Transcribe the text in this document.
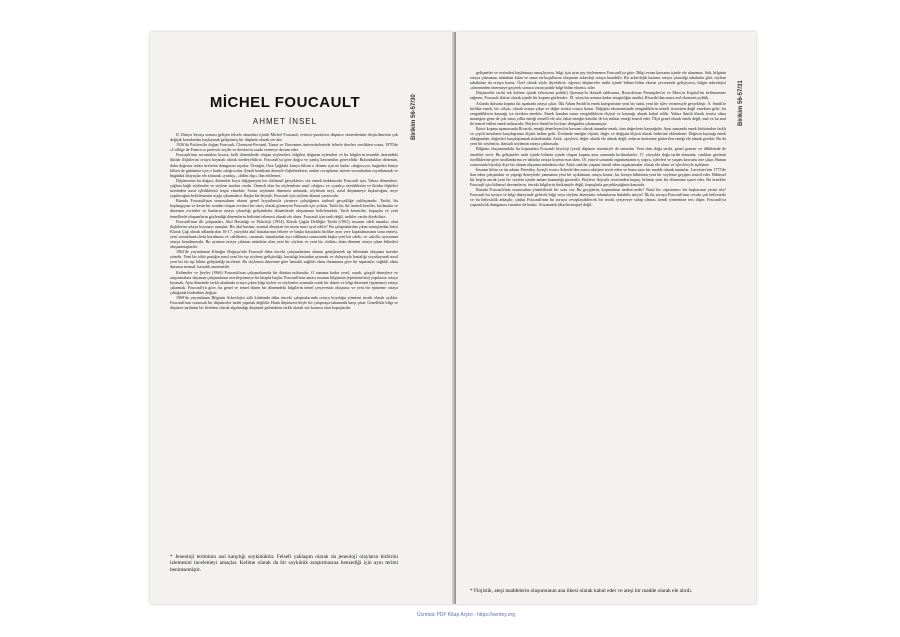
MİCHEL FOUCAULT
AHMET İNSEL	Birikim 56-57/30

II. Dünya Savaşı sonrası gelişen felsefe okumları içinde Michel Foucault, evrimci-pozitivist düşünce sistemlerinin eleştirilmesini çok değişik konulardan başlayarak geliştirmiş bir düşünür olarak yer alır.

1926'da Poitiers'de doğan Foucault, Clermont-Ferrand, Tunus ve Vincennes üniversitelerinde felsefe dersleri verdikten sonra, 1970'de «Collège de France»a profesör seçilir ve derslerini orada vermeye devam eder.

Foucault'nun sorunsalını kısaca, belli dönemlerde oluşan söylemleri, bilgileri doğuran eylemleri ve bu bilgilerin insanlık üzerindeki iktidar ilişkilerini ortaya koymak olarak özetleyebiliriz. Foucault'ya göre doğru ve yanlış kavramları görecelidir. Bulundukları dönemin, daha doğrusu onları üretenin damgasını taşırlar. Örneğin, Orta Çağdaki kimya bilimi o dönem için ne kadar «doğru»ysa, bugünkü kimya bilimi de günümüz için o kadar «doğru»dur. Şimdi kendisini deneyle ilişkilendiren, ondan cevaplarını isteren sorunlardan soyutlanarak ve bugünkü ihtiyaçlar ele alınarak «yanlış», «bilim dışı» ilan edilemez.

Düşüncenin bu doğası, dönemler boyu değişmeyen bir «bilimsel gerçeklere» söz etmek imkânsızdır Foucault için. Yalnız dönemlere, çağlara bağlı söylemler ve söylem tarzları vardır. Önemli olan bu söylemlerin nasıl «doğru» ve «yanlış» ürettiklerini ve iktidar ilişkileri üzerinden nasıl işlediklerini tespit etmektir. Sorun söylemin düzenini anlamak, söylemin neyi, nasıl düşünmeye kışkırttığını, neye yapılacağını belirlemesini açığa çıkarmaktır. Başka bir deyişle, Foucault için söylem düzeni yaratıcıdır.

Burada Foucault'nun sorunsalının ekseni genel boyutlarıyla çizmeye çalıştığımız tarihsel gerçekliğe yaklaşımıdır. Tarihi, bir başlangıçtan ve kesin bir sondan oluşan evrimci bir süreç olarak görmeyen Foucault için yoktur. Tarih bir, iki önemli kesitler, kırılmalar ve düzensiz evrimler ve bunların ortaya çıkardığı gelişimlerin dönemlerde oluşumunu belirlemektir. Tarih kesintiler, kopuşlar ve yeni temellerde oluşumların gözlendiği dönemlerin birbirini izlemesi olarak ele alınır. Foucault için tarih değil, tarihler vardır diyebiliriz.

Foucault'nun ilk çalışmaları, Akıl Hastalığı ve Psikoloji (1954), Klasik Çağda Deliliğin Tarihi (1961), insanın «deli insanla» olan ilişkilerini ortaya koymayı amaçlar. Bir akıl hastası, normal olmayan bir insan nasıl ayırt edilir? Bu çalışmalardan çıkan sonuçlardan birisi Klasik Çağ olarak adlandırılan 16-17. yüzyılda akıl hastalarının felsefe ve başka hastalarla birlikte aynı yere kapatılmasının sona ermesi, yeni «tımarhane»lerin kurulması ve «delilerin» «normal» insanlardan ayrı ediliması sonucunda başka yeni bir «deli» ve «akıllı» ayrımının ortaya konulmasıdır. Bu ayrımın ortaya çıkması mümkün olan yeni bir söylem ve yeni bir «bilim» alanı dönemi ortaya çıkan bilimleri oluşturmuşlardır.

1963'de yayımlanan Kliniğin Doğuşu'nda Foucault daha önceki çalışmalarının alanını genişleterek tıp biliminin oluşumu üzerine yönelir. Yeni bir tıbbi pratiğin nasıl yeni bir tıp söylemi geliştirdiği, hastalığı hastadan ayırarak ve dolaysıyla hastalığı soyutlayarak nasıl yeni bir tür tıp bilimi geliştirdiği incelenir. Bu söylemin düzenine göre hastalık sağlıklı olma durumuna göre bir sapmadır; sağlıklı olma durumu normal, hastalık anormaldir.

Kelimeler ve Şeyler (1966) Foucault'nun çalışmalarında bir dönüm noktasıdır. O zamana kadar yerel, sınırlı, görgül deneylere ve araştırmalara dayanan çalışmalarını teorileştirmeye bu kitapla başlar. Foucault'nun amacı insanın bilgisinin (episteme'nin) yapılarını ortaya koymak, Aynı dönemde farklı alanlarda ortaya çıkan bilgi türleri ve söylemler arasında ortak bir düzen ve bilgi düzenini (episteme) ortaya çıkarmak. Foucault'ya göre, bu genel ve temel düzen bir dönemdeki bilgilerin temel çerçevesini oluşturur ve yeni bir episteme ortaya çıktığında birdenbire değişir.

1969'da yayımlanan Bilginin Arkeolojisi adlı kitabında daha önceki çalışmalarında ortaya koyduğu yöntemi teorik olarak açıklar. Foucault'nun sorunsalı bir düşünceler tarihi yapmak değildir. Hatta düşüncesi böyle bir çalışmaya tabanında karşı çıkar. Genellikle bilgi ve düşünce tarihinin bir ilerleme olarak algılandığı düşünsel gelenekten farklı olarak söz konusu olan kopuşlardır.

* Jeneoloji teriminin asıl karşılığı soykütüktür. Felsefi yaklaşım olarak da jeneoloji olayların birbirini izlemesini incelemeyi amaçlar. Kelime olarak da bir soykütük araştırmasına benzediği için aynı terimi benimsemiştir.
Birikim 56-57/31

gelişmeler ve evrimleri başlatmayı amaçlıyorsa, bilgi için aynı şey söylenemez Foucault'ya göre. Bilgi evrim kavramı içinde ele alınamaz. Salt, bilginin ortaya çıkmasını mümkün kılan ve onun ön-koşullarını oluşturan arkeoloji ortaya konabilir. Bir arkeolojik kazının ortaya çıkardığı tabakalar gibi, söylem tabakaları da ortaya konur. Özel olarak söyle diyebiliriz: öğrenci düşünceler tarihi içinde bilime-bilim ekseni çevresinde gelişiyorsa, bilgin arkeolojisi «önermeden önermeye geçerek sonuca varan pratik-bilgi-bilim ekseni» izler.

Düşünceler tarihi tek kelime içinde (ekonomi politik) Quesnay'in iktisadi tablosuna, Ricardo'nun Prensipleri'ni ve Marx'ın Kapital'ini belirtmesine rağmen, Foucault iktisat olarak içinde bir kopma gözlemler: 18. yüzyılın sonuna kadar zenginliğin analizi, Ricardo'dan sonra asıl ekonomi politik.

Aslında iktisatta kopma iki aşamada ortaya çıkar. İlki Adam Smith'in emek kategorisine yeni bir statü, yeni bir işlev vermesiyle gerçekleşir. A. Smith'te birlikte emek, bir «ölçü» olarak ortaya çıkar ve değer teorisi ortaya konur. Değişim ekonomisinde zenginliklerin temeli ticaretten değil emekten gelir; bu zenginliklerin kaynağı ise üretken emektir. Emek bundan sonra zenginliklerin ölçüsü ve kaynağı olarak kabul edilir. Yalnız Smith klasik teorisi olma mantığını gene de çok uzun yıllar emeği temelli ele alır, fakat emeğin kendisi de bir miktar emeği temsil eder. Ölçü genel olarak emek değil, mal ve bu mal ile temsil edilen emek miktarıdır. Böylece Smith'in bu kısır döngüden çıkamamıştır.

İkinci kopma aşamasında Ricardo, emeği denetleyen bir kavram olarak tanımlar emek, tüm değerlerin kaynağıdır. Aynı zamanda emek birbirinden farklı ve çeşitli metaların karşılaştırma ölçütü haline gelir. Üretimde emeğin ölçüsü, değer ve değişim ölçüsü olarak birbirine eklemlenir. Değerin kaynağı emek olduğundan, değerleri karşılaştırmak mümkündür. Artık, «şeyleri» değer olarak ele almak değil, onların üretimine gösterilen emeği ele almak gerekir. Bu da yeni bir söylemin, iktisadi söylemin ortaya çıkmasıdır.

Bilginin oluşumundaki bu kopmalara Foucault biyoloji (yeni) düşünce sistemiyle de tanımlar. Yeni olan doğa tarihi, genel gramer ve dilbilimde de örnekler verir: Bu gelişmeler tarih içinde bilimin içinde oluşan kopma aynı zamanda kırılmalardır. 17. yüzyılda doğa tarihi alanında, canlıları görünür özelliklerine göre sınıflandırma ve tablolar ortaya koyma esas iken, 18. yüzyıl sonunda organizmanın iç yapısı, işlevleri ve yaşam kavramı öne çıkar. Bunun sonucunda biyoloji diye bir alanın oluşumu mümkün olur. Artık canlılar yaşamı temsil eden organizmalar olarak ele alınır ve işlevleriyle açıklanır.

İnsanın bilim ve ün adamı Priestley, İsveçli eczacı Scheele'den sonra oksijeni tecrit eden ve bunu aynı bir madde olarak tanımlar. Lavoisier'nin 1775'de ilan eden çalışmaları ve yaptığı deneylerle yanmanın yeni bir açıklaması ortaya konur; bu, kimya biliminin yeni bir söyleme geçişini temsil eder. Bilimsel bir keşfin ancak yeni bir söylem içinde anlam kazandığı gösterilir. Böylece flojistik teorisinden kopuş, bilimin yeni bir dönemine işaret eder. Bu örnekler Foucault için bilimsel devrimlerin, önceki bilgilerin birikimiyle değil, kopuşlarla gerçekleştiğinin kanıtıdır.

Burada Foucault'nun sorunsalına yöneltilecek bir soru var: Bu geçişlerin, kopmaların nedeni nedir? Nasıl bir «episteme» bir başkasının yerini alır? Foucault bu soruya ve bilgi düzeyinde gelecek bilgi veya söylem düzeyinin tohumlarını bulabilir miyiz? İlk iki soruya Foucault'nun cevabı çok belirsizdir ve bu belirsizlik anlaşılır, çünkü Foucault'nun bu soruyu cevaplayabilecek bir teorik çerçeveye sahip olması, kendi yöntemine ters düşer. Foucault'ya yapısalcılık damgasını vuranlar da budur. Artzamanlı (diachronique) değil.

* Flojistik, ateşi maddelerin oluşumunun ana ilkesi olarak kabul eder ve ateşi bir madde olarak ele alırdı.
Ücretsiz PDF Kitap Arşivi - https://sentey.org
